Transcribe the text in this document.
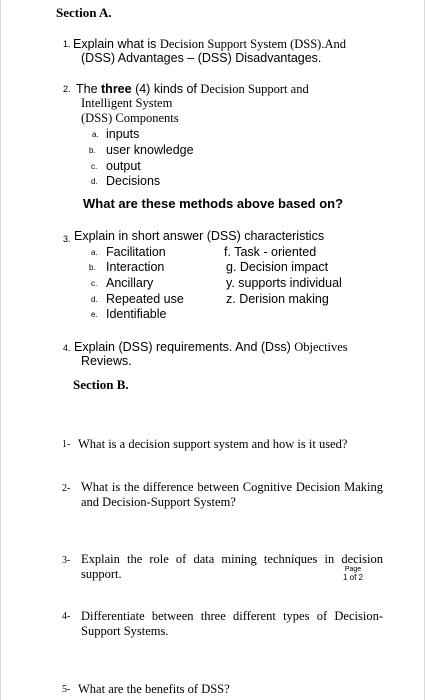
Section A.
1. Explain what is Decision Support System (DSS).And
(DSS) Advantages – (DSS) Disadvantages.
2. The three (4) kinds of Decision Support and
Intelligent System
(DSS) Components
a. inputs
b. user knowledge
c. output
d. Decisions
What are these methods above based on?
3. Explain in short answer (DSS) characteristics
a. Facilitation
b. Interaction
c. Ancillary
d. Repeated use
e. Identifiable
f. Task - oriented
g. Decision impact
y. supports individual
z. Derision making
4. Explain (DSS) requirements. And (Dss) Objectives
Reviews.
Section B.
1- What is a decision support system and how is it used?
2- What is the difference between Cognitive Decision Making and Decision-Support System?
3- Explain the role of data mining techniques in decision support.	Page
1 of 2
4- Differentiate between three different types of Decision-Support Systems.
5- What are the benefits of DSS?
